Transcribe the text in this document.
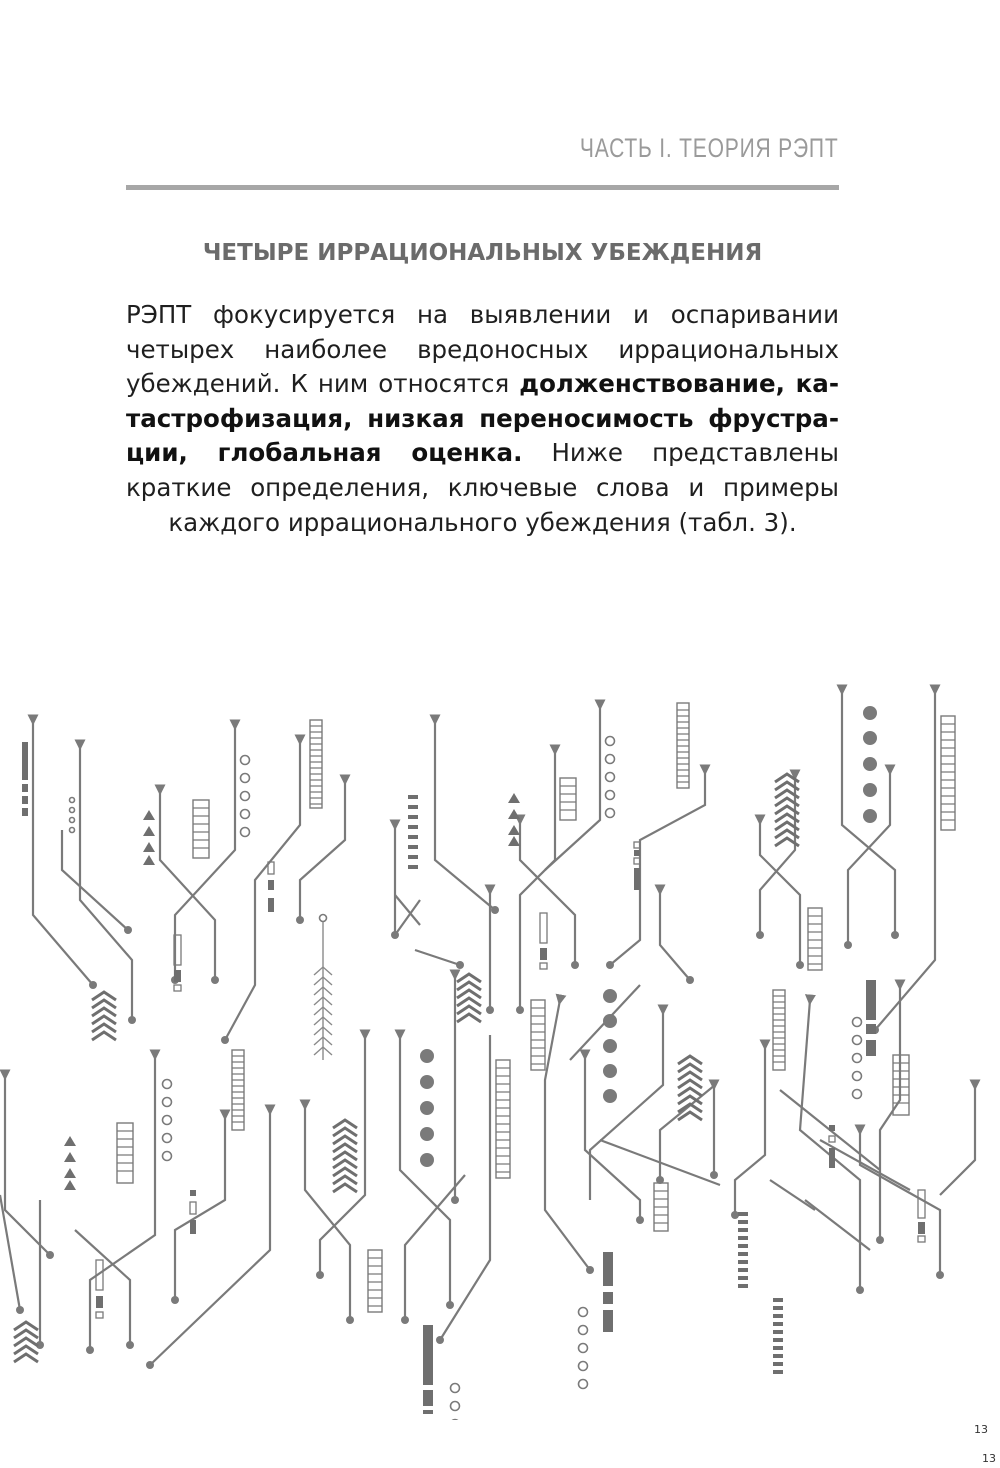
ЧАСТЬ I. ТЕОРИЯ РЭПТ
ЧЕТЫРЕ ИРРАЦИОНАЛЬНЫХ УБЕЖДЕНИЯ

РЭПТ фокусируется на выявлении и оспаривании четырех наиболее вредоносных иррациональных убеждений. К ним относятся долженствование, катастрофизация, низкая переносимость фрустрации, глобальная оценка. Ниже представлены краткие определения, ключевые слова и примеры каждого иррационального убеждения (табл. 3).

13
13
